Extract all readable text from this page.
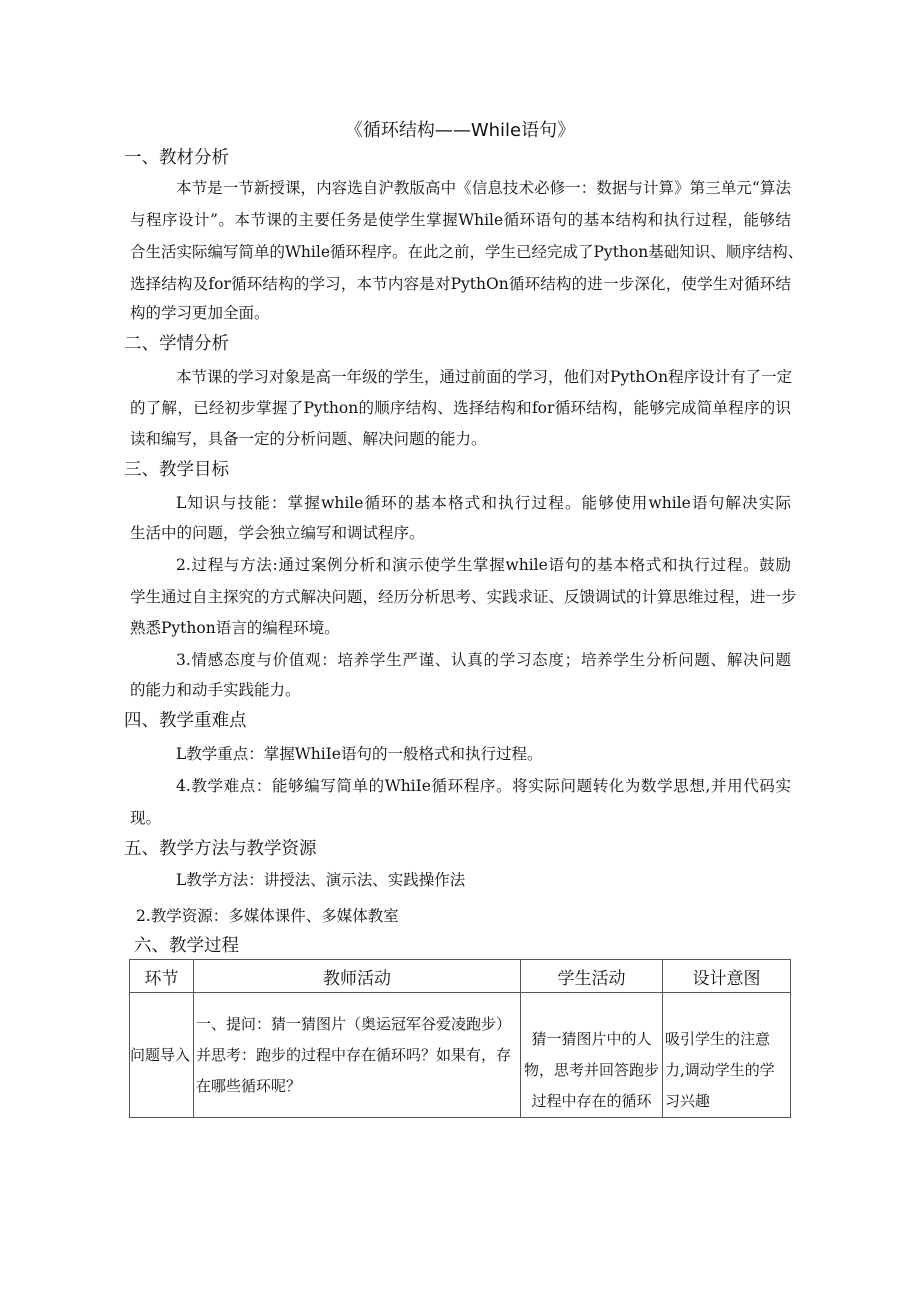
《循环结构——While语句》
一、教材分析
本节是一节新授课，内容选自沪教版高中《信息技术必修一：数据与计算》第三单元“算法
与程序设计”。本节课的主要任务是使学生掌握While循环语句的基本结构和执行过程，能够结
合生活实际编写简单的While循环程序。在此之前，学生已经完成了Python基础知识、顺序结构、
选择结构及for循环结构的学习，本节内容是对PythOn循环结构的进一步深化，使学生对循环结
构的学习更加全面。
二、学情分析
本节课的学习对象是高一年级的学生，通过前面的学习，他们对PythOn程序设计有了一定
的了解，已经初步掌握了Python的顺序结构、选择结构和for循环结构，能够完成简单程序的识
读和编写，具备一定的分析问题、解决问题的能力。
三、教学目标
L知识与技能：掌握while循环的基本格式和执行过程。能够使用while语句解决实际
生活中的问题，学会独立编写和调试程序。
2.过程与方法:通过案例分析和演示使学生掌握while语句的基本格式和执行过程。鼓励
学生通过自主探究的方式解决问题，经历分析思考、实践求证、反馈调试的计算思维过程，进一步
熟悉Python语言的编程环境。
3.情感态度与价值观：培养学生严谨、认真的学习态度；培养学生分析问题、解决问题
的能力和动手实践能力。
四、教学重难点
L教学重点：掌握WhiIe语句的一般格式和执行过程。
4.教学难点：能够编写简单的WhiIe循环程序。将实际问题转化为数学思想,并用代码实
现。
五、教学方法与教学资源
L教学方法：讲授法、演示法、实践操作法
2.教学资源：多媒体课件、多媒体教室
六、教学过程
环节	教师活动	学生活动	设计意图
问题导入	一、提问：猜一猜图片（奥运冠军谷爱凌跑步）并思考：跑步的过程中存在循环吗？如果有，存在哪些循环呢？	猜一猜图片中的人物，思考并回答跑步过程中存在的循环	吸引学生的注意力,调动学生的学习兴趣
